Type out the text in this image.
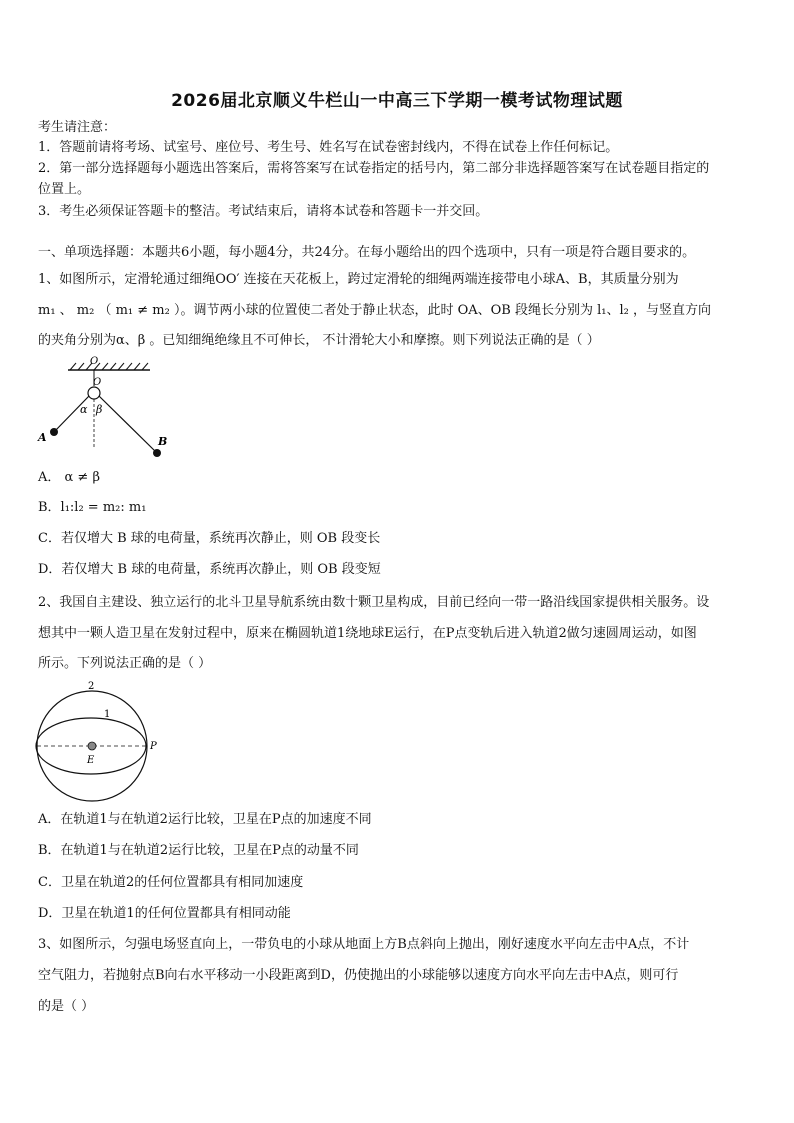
2026届北京顺义牛栏山一中高三下学期一模考试物理试题
考生请注意：
1．答题前请将考场、试室号、座位号、考生号、姓名写在试卷密封线内，不得在试卷上作任何标记。
2．第一部分选择题每小题选出答案后，需将答案写在试卷指定的括号内，第二部分非选择题答案写在试卷题目指定的
位置上。
3．考生必须保证答题卡的整洁。考试结束后，请将本试卷和答题卡一并交回。
一、单项选择题：本题共6小题，每小题4分，共24分。在每小题给出的四个选项中，只有一项是符合题目要求的。
1、如图所示，定滑轮通过细绳OO′ 连接在天花板上，跨过定滑轮的细绳两端连接带电小球A、B，其质量分别为
m₁ 、 m₂ （ m₁ ≠ m₂ ）。调节两小球的位置使二者处于静止状态，此时 OA、OB 段绳长分别为 l₁、l₂ ，与竖直方向
的夹角分别为α、β 。已知细绳绝缘且不可伸长， 不计滑轮大小和摩擦。则下列说法正确的是（ ）
O
O
α β
A	B
A． α ≠ β
B．l₁:l₂ = m₂: m₁
C．若仅增大 B 球的电荷量，系统再次静止，则 OB 段变长
D．若仅增大 B 球的电荷量，系统再次静止，则 OB 段变短
2、我国自主建设、独立运行的北斗卫星导航系统由数十颗卫星构成，目前已经向一带一路沿线国家提供相关服务。设
想其中一颗人造卫星在发射过程中，原来在椭圆轨道1绕地球E运行，在P点变轨后进入轨道2做匀速圆周运动，如图
所示。下列说法正确的是（ ）
2
1
E
P
A．在轨道1与在轨道2运行比较，卫星在P点的加速度不同
B．在轨道1与在轨道2运行比较，卫星在P点的动量不同
C．卫星在轨道2的任何位置都具有相同加速度
D．卫星在轨道1的任何位置都具有相同动能
3、如图所示，匀强电场竖直向上，一带负电的小球从地面上方B点斜向上抛出，刚好速度水平向左击中A点，不计
空气阻力，若抛射点B向右水平移动一小段距离到D，仍使抛出的小球能够以速度方向水平向左击中A点，则可行
的是（ ）
